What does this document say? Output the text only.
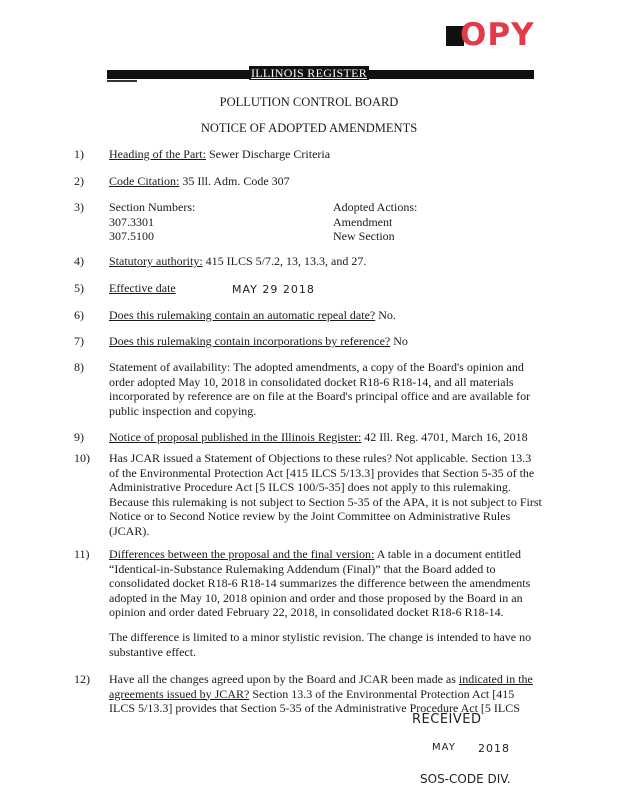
OPY
ILLINOIS REGISTER
POLLUTION CONTROL BOARD
NOTICE OF ADOPTED AMENDMENTS
1) Heading of the Part: Sewer Discharge Criteria
2) Code Citation: 35 Ill. Adm. Code 307
3) Section Numbers:
307.3301
307.5100
Adopted Actions:
Amendment
New Section
4) Statutory authority: 415 ILCS 5/7.2, 13, 13.3, and 27.
5) Effective date	MAY 29 2018
6) Does this rulemaking contain an automatic repeal date? No.
7) Does this rulemaking contain incorporations by reference? No
8) Statement of availability: The adopted amendments, a copy of the Board's opinion and order adopted May 10, 2018 in consolidated docket R18-6 R18-14, and all materials incorporated by reference are on file at the Board's principal office and are available for public inspection and copying.
9) Notice of proposal published in the Illinois Register: 42 Ill. Reg. 4701, March 16, 2018
10) Has JCAR issued a Statement of Objections to these rules? Not applicable. Section 13.3 of the Environmental Protection Act [415 ILCS 5/13.3] provides that Section 5-35 of the Administrative Procedure Act [5 ILCS 100/5-35] does not apply to this rulemaking. Because this rulemaking is not subject to Section 5-35 of the APA, it is not subject to First Notice or to Second Notice review by the Joint Committee on Administrative Rules (JCAR).
11) Differences between the proposal and the final version: A table in a document entitled “Identical-in-Substance Rulemaking Addendum (Final)” that the Board added to consolidated docket R18-6 R18-14 summarizes the difference between the amendments adopted in the May 10, 2018 opinion and order and those proposed by the Board in an opinion and order dated February 22, 2018, in consolidated docket R18-6 R18-14.
The difference is limited to a minor stylistic revision. The change is intended to have no substantive effect.
12) Have all the changes agreed upon by the Board and JCAR been made as indicated in the agreements issued by JCAR? Section 13.3 of the Environmental Protection Act [415 ILCS 5/13.3] provides that Section 5-35 of the Administrative Procedure Act [5 ILCS
RECEIVED
MAY 2018
SOS-CODE DIV.
